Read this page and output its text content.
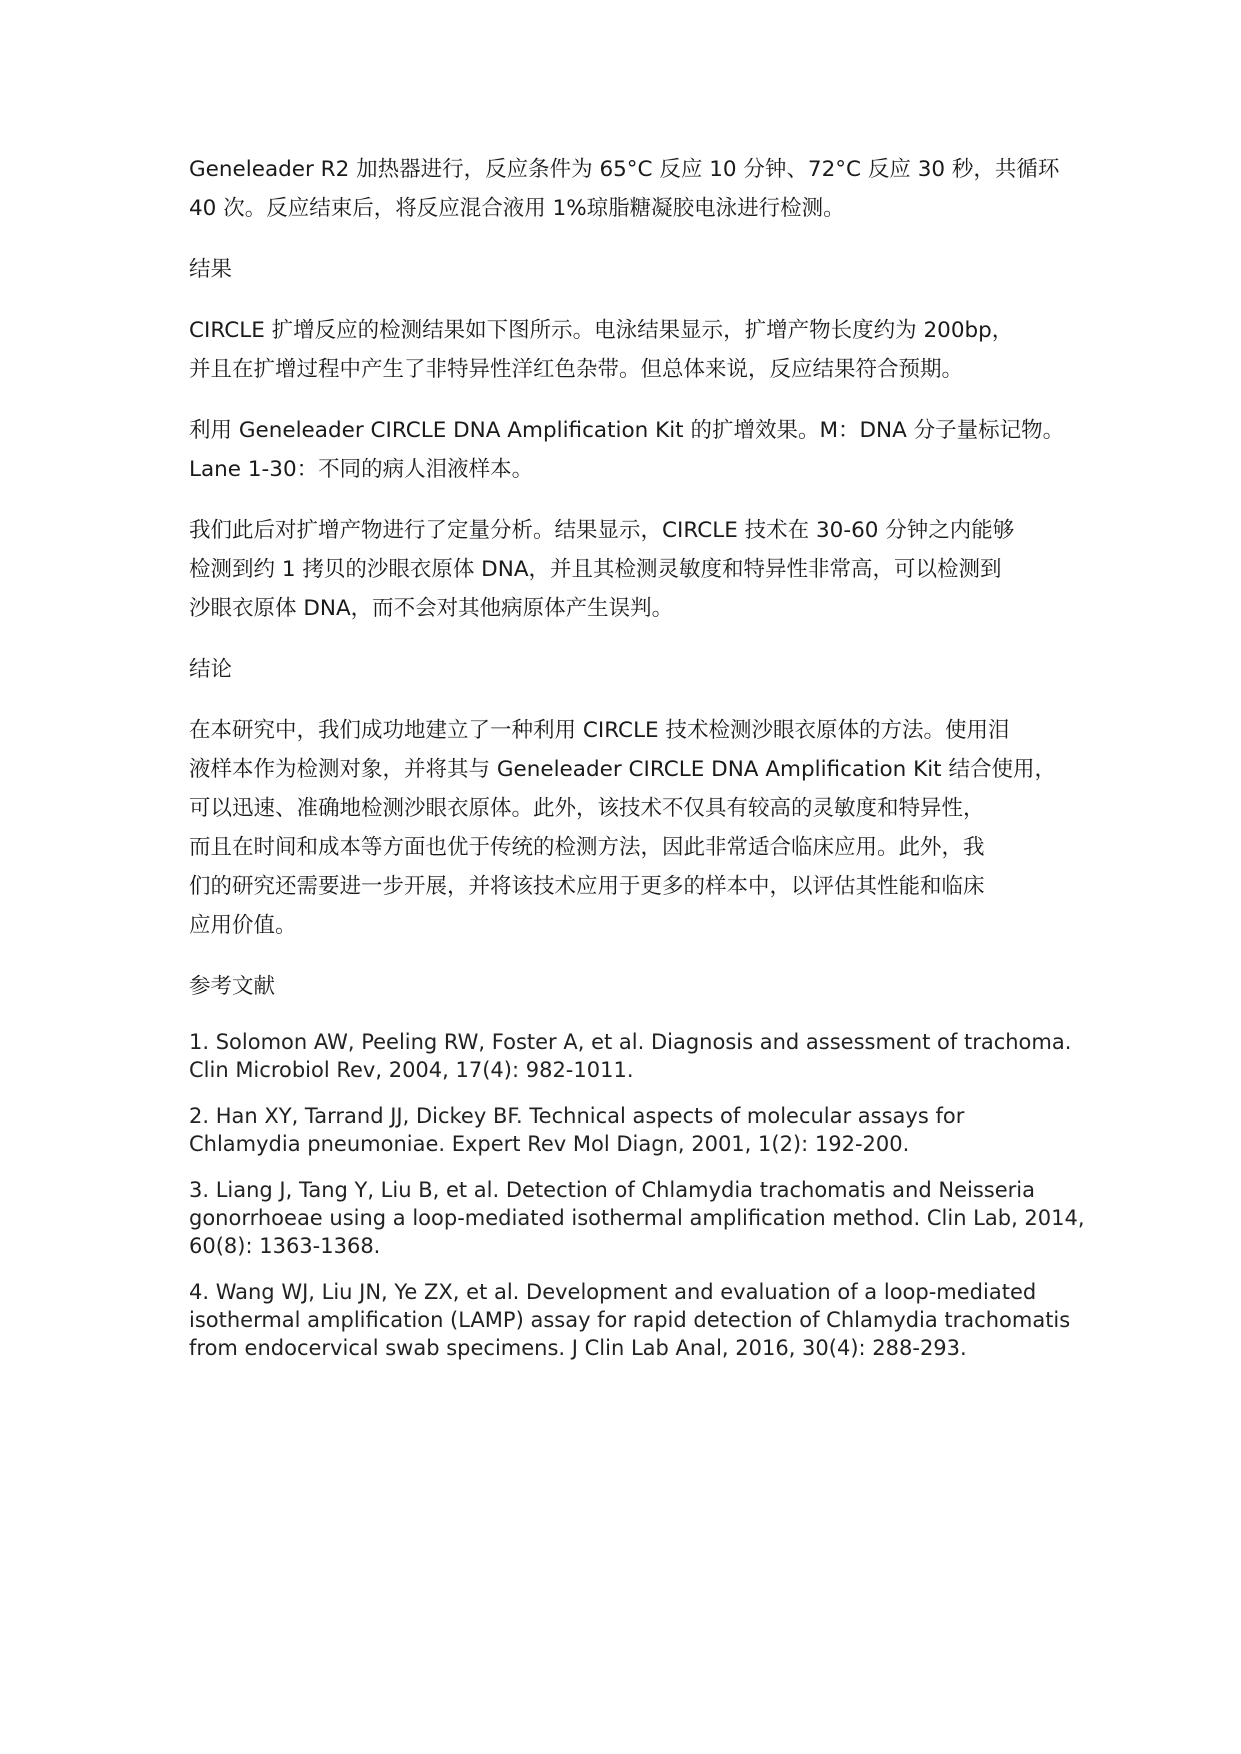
Geneleader R2 加热器进行，反应条件为 65°C 反应 10 分钟、72°C 反应 30 秒，共循环
40 次。反应结束后，将反应混合液用 1%琼脂糖凝胶电泳进行检测。

结果

CIRCLE 扩增反应的检测结果如下图所示。电泳结果显示，扩增产物长度约为 200bp，
并且在扩增过程中产生了非特异性洋红色杂带。但总体来说，反应结果符合预期。

利用 Geneleader CIRCLE DNA Amplification Kit 的扩增效果。M：DNA 分子量标记物。
Lane 1-30：不同的病人泪液样本。

我们此后对扩增产物进行了定量分析。结果显示，CIRCLE 技术在 30-60 分钟之内能够
检测到约 1 拷贝的沙眼衣原体 DNA，并且其检测灵敏度和特异性非常高，可以检测到
沙眼衣原体 DNA，而不会对其他病原体产生误判。

结论

在本研究中，我们成功地建立了一种利用 CIRCLE 技术检测沙眼衣原体的方法。使用泪
液样本作为检测对象，并将其与 Geneleader CIRCLE DNA Amplification Kit 结合使用，
可以迅速、准确地检测沙眼衣原体。此外，该技术不仅具有较高的灵敏度和特异性，
而且在时间和成本等方面也优于传统的检测方法，因此非常适合临床应用。此外，我
们的研究还需要进一步开展，并将该技术应用于更多的样本中，以评估其性能和临床
应用价值。

参考文献

1. Solomon AW, Peeling RW, Foster A, et al. Diagnosis and assessment of trachoma.
Clin Microbiol Rev, 2004, 17(4): 982-1011.

2. Han XY, Tarrand JJ, Dickey BF. Technical aspects of molecular assays for
Chlamydia pneumoniae. Expert Rev Mol Diagn, 2001, 1(2): 192-200.

3. Liang J, Tang Y, Liu B, et al. Detection of Chlamydia trachomatis and Neisseria
gonorrhoeae using a loop-mediated isothermal amplification method. Clin Lab, 2014,
60(8): 1363-1368.

4. Wang WJ, Liu JN, Ye ZX, et al. Development and evaluation of a loop-mediated
isothermal amplification (LAMP) assay for rapid detection of Chlamydia trachomatis
from endocervical swab specimens. J Clin Lab Anal, 2016, 30(4): 288-293.
